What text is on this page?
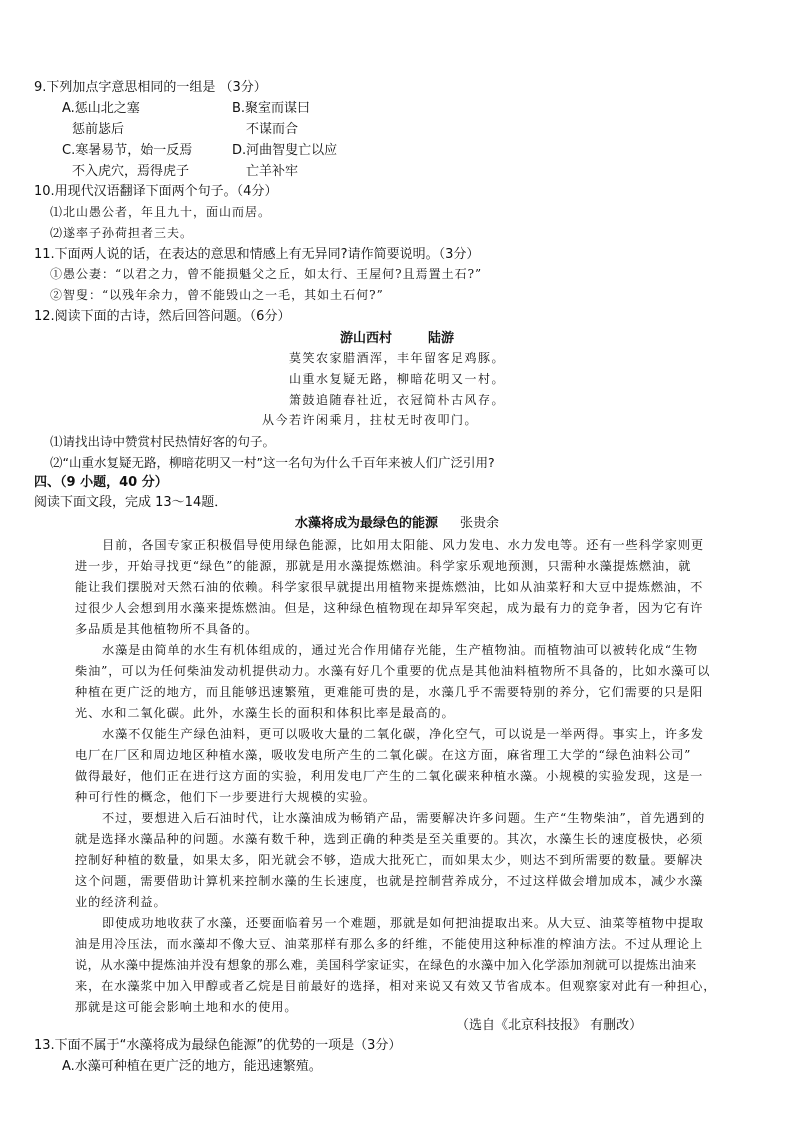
9.下列加点字意思相同的一组是 （3分）
A.惩山北之塞	B.聚室而谋曰
惩前毖后	不谋而合
C.寒暑易节，始一反焉	D.河曲智叟亡以应
不入虎穴，焉得虎子	亡羊补牢
10.用现代汉语翻译下面两个句子。（4分）
⑴北山愚公者，年且九十，面山而居。
⑵遂率子孙荷担者三夫。
11.下面两人说的话，在表达的意思和情感上有无异同?请作简要说明。（3分）
①愚公妻：“以君之力，曾不能损魁父之丘，如太行、王屋何?且焉置土石?”
②智叟：“以残年余力，曾不能毁山之一毛，其如土石何?”
12.阅读下面的古诗，然后回答问题。（6分）
游山西村	陆游
莫笑农家腊酒浑，丰年留客足鸡豚。
山重水复疑无路，柳暗花明又一村。
箫鼓追随春社近，衣冠简朴古风存。
从今若许闲乘月，拄杖无时夜叩门。
⑴请找出诗中赞赏村民热情好客的句子。
⑵“山重水复疑无路，柳暗花明又一村”这一名句为什么千百年来被人们广泛引用?
四、（9 小题，40 分）
阅读下面文段，完成 13～14题．
水藻将成为最绿色的能源 张贵余
目前，各国专家正积极倡导使用绿色能源，比如用太阳能、风力发电、水力发电等。还有一些科学家则更
进一步，开始寻找更“绿色”的能源，那就是用水藻提炼燃油。科学家乐观地预测，只需种水藻提炼燃油，就
能让我们摆脱对天然石油的依赖。科学家很早就提出用植物来提炼燃油，比如从油菜籽和大豆中提炼燃油，不
过很少人会想到用水藻来提炼燃油。但是，这种绿色植物现在却异军突起，成为最有力的竞争者，因为它有许
多品质是其他植物所不具备的。
水藻是由简单的水生有机体组成的，通过光合作用储存光能，生产植物油。而植物油可以被转化成“生物
柴油”，可以为任何柴油发动机提供动力。水藻有好几个重要的优点是其他油料植物所不具备的，比如水藻可以
种植在更广泛的地方，而且能够迅速繁殖，更难能可贵的是，水藻几乎不需要特别的养分，它们需要的只是阳
光、水和二氧化碳。此外，水藻生长的面积和体积比率是最高的。
水藻不仅能生产绿色油料，更可以吸收大量的二氧化碳，净化空气，可以说是一举两得。事实上，许多发
电厂在厂区和周边地区种植水藻，吸收发电所产生的二氧化碳。在这方面，麻省理工大学的“绿色油料公司”
做得最好，他们正在进行这方面的实验，利用发电厂产生的二氧化碳来种植水藻。小规模的实验发现，这是一
种可行性的概念，他们下一步要进行大规模的实验。
不过，要想进入后石油时代，让水藻油成为畅销产品，需要解决许多问题。生产“生物柴油”，首先遇到的
就是选择水藻品种的问题。水藻有数千种，选到正确的种类是至关重要的。其次，水藻生长的速度极快，必须
控制好种植的数量，如果太多，阳光就会不够，造成大批死亡，而如果太少，则达不到所需要的数量。要解决
这个问题，需要借助计算机来控制水藻的生长速度，也就是控制营养成分，不过这样做会增加成本，减少水藻
业的经济利益。
即使成功地收获了水藻，还要面临着另一个难题，那就是如何把油提取出来。从大豆、油菜等植物中提取
油是用冷压法，而水藻却不像大豆、油菜那样有那么多的纤维，不能使用这种标准的榨油方法。不过从理论上
说，从水藻中提炼油并没有想象的那么难，美国科学家证实，在绿色的水藻中加入化学添加剂就可以提炼出油来
来，在水藻浆中加入甲醇或者乙烷是目前最好的选择，相对来说又有效又节省成本。但观察家对此有一种担心，
那就是这可能会影响土地和水的使用。
（选自《北京科技报》 有删改）
13.下面不属于“水藻将成为最绿色能源”的优势的一项是（3分）
A.水藻可种植在更广泛的地方，能迅速繁殖。
